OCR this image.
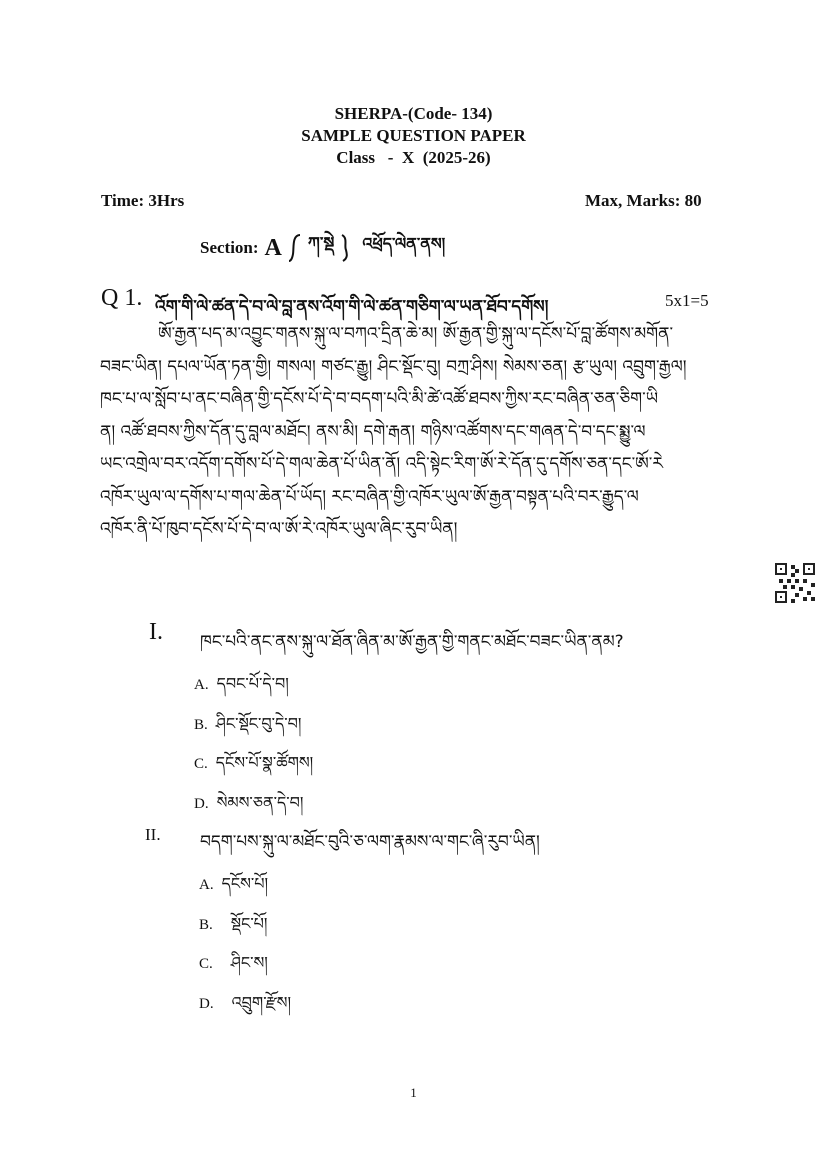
SHERPA-(Code- 134)
SAMPLE QUESTION PAPER
Class   -  X  (2025-26)
Time: 3Hrs	Max, Marks: 80
Section: A ཀ་སྡེ འཕྲོད་ལེན་ནས།
Q 1. འོག་གི་ལེ་ཚན་དེ་བ་ལེ་བླ་ནས་འོག་གི་ལེ་ཚན་གཅིག་ལ་ཡན་ཐོབ་དགོས།	5x1=5
ཨོ་རྒྱན་པད་མ་འབྱུང་གནས་སྐུ་ལ་བཀའ་དྲིན་ཆེ་མ། ཨོ་རྒྱན་གྱི་སྐུ་ལ་དངོས་པོ་བླ་ཚོགས་མགོན་
བཟང་ཡིན། དཔལ་ཡོན་ཏན་གྱི། གསལ། གཙང་རྒྱུ། ཤིང་སྡོང་བུ། བཀྲ་ཤིས། སེམས་ཅན། རྩ་ཡུལ། འབྲུག་རྒྱལ།
ཁང་པ་ལ་སློབ་པ་ནང་བཞིན་གྱི་དངོས་པོ་དེ་བ་བདག་པའི་མི་ཚེ་འཚོ་ཐབས་ཀྱིས་རང་བཞིན་ཅན་ཅིག་ཡི
ན། འཚོ་ཐབས་ཀྱིས་དོན་དུ་བླལ་མཐོང། ནས་མི། དགེ་རྒན། གཉིས་འཚོགས་དང་གཞན་དེ་བ་དང་སྨྱུ་ལ
ཡང་འགྲེལ་བར་འདོག་དགོས་པོ་དེ་གལ་ཆེན་པོ་ཡིན་ནོ། འདི་སྟེང་རིག་ཨོ་རེ་དོན་དུ་དགོས་ཅན་དང་ཨོ་རེ
འཁོར་ཡུལ་ལ་དགོས་པ་གལ་ཆེན་པོ་ཡོད། རང་བཞིན་གྱི་འཁོར་ཡུལ་ཨོ་རྒྱན་བསྟན་པའི་བར་རྒྱུད་ལ
འཁོར་ནི་པོ་ཁུབ་དངོས་པོ་དེ་བ་ལ་ཨོ་རེ་འཁོར་ཡུལ་ཞིང་རུབ་ཡིན།
I. ཁང་པའི་ནང་ནས་སྐུ་ལ་ཐོན་ཞིན་མ་ཨོ་རྒྱན་གྱི་གནང་མཐོང་བཟང་ཡིན་ནམ?
A. དབང་པོ་དེ་བ།
B. ཤིང་སྡོང་བུ་དེ་བ།
C. དངོས་པོ་སྣ་ཚོགས།
D. སེམས་ཅན་དེ་བ།
II. བདག་པས་སྐུ་ལ་མཐོང་བུའི་ཅ་ལག་རྣམས་ལ་གང་ཞི་རུབ་ཡིན།
A. དངོས་པོ།
B. སྡོང་པོ།
C. ཤིང་ས།
D. འབྲུག་རྫོས།
1
